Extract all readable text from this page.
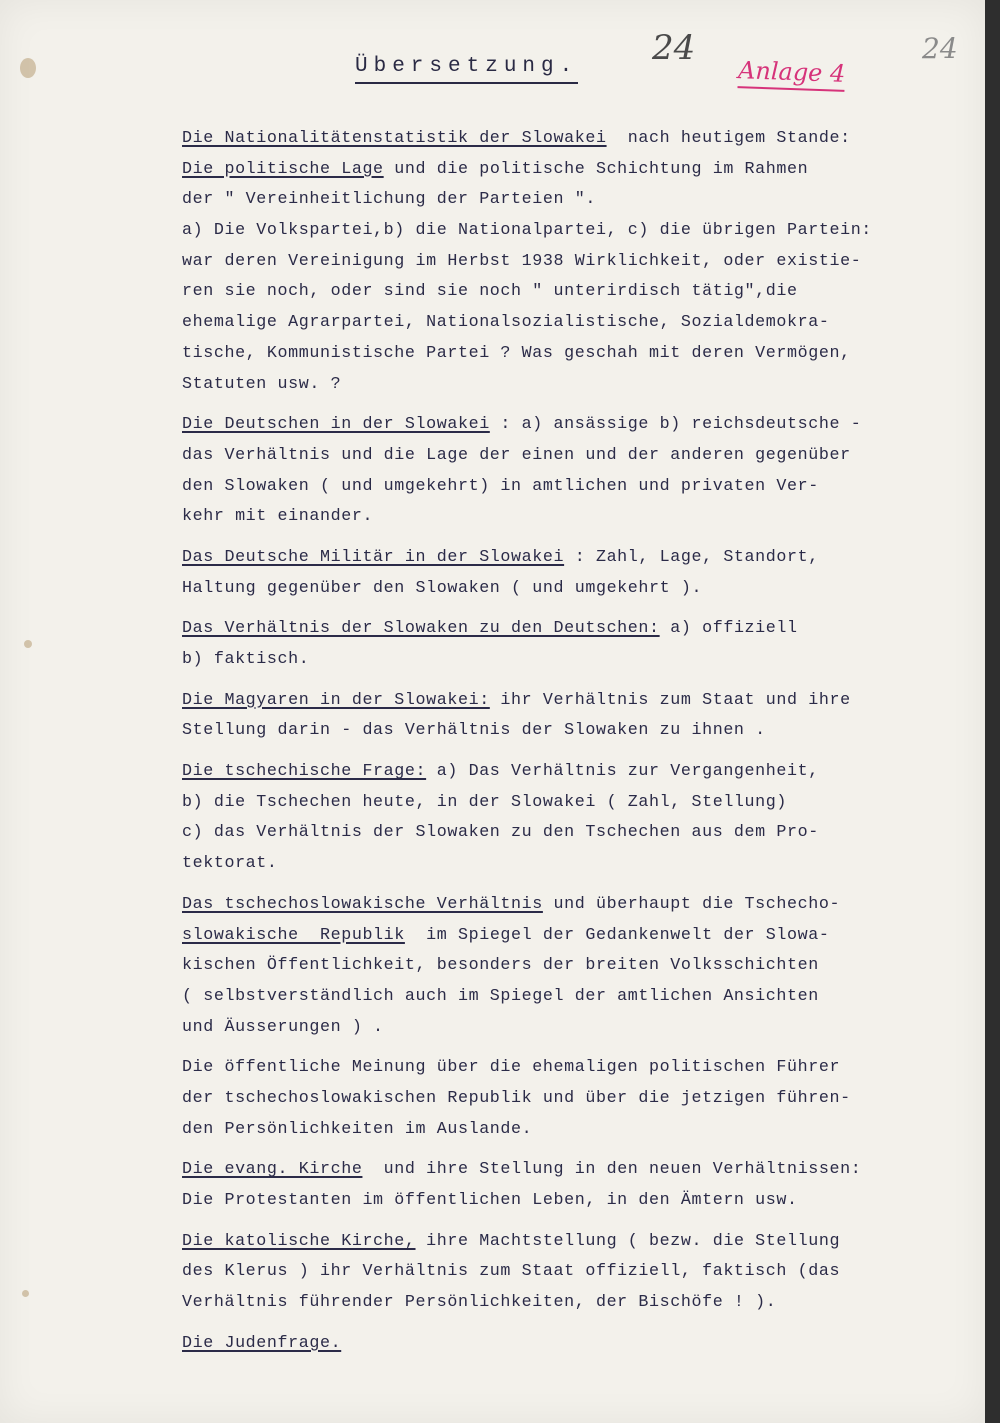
Übersetzung. 24	24
Anlage 4
Die Nationalitätenstatistik der Slowakei  nach heutigem Stande:
Die politische Lage und die politische Schichtung im Rahmen
der " Vereinheitlichung der Parteien ".
a) Die Volkspartei,b) die Nationalpartei, c) die übrigen Partein:
war deren Vereinigung im Herbst 1938 Wirklichkeit, oder existie-
ren sie noch, oder sind sie noch " unterirdisch tätig",die
ehemalige Agrarpartei, Nationalsozialistische, Sozialdemokra-
tische, Kommunistische Partei ? Was geschah mit deren Vermögen,
Statuten usw. ?
Die Deutschen in der Slowakei : a) ansässige b) reichsdeutsche -
das Verhältnis und die Lage der einen und der anderen gegenüber
den Slowaken ( und umgekehrt) in amtlichen und privaten Ver-
kehr mit einander.
Das Deutsche Militär in der Slowakei : Zahl, Lage, Standort,
Haltung gegenüber den Slowaken ( und umgekehrt ).
Das Verhältnis der Slowaken zu den Deutschen: a) offiziell
b) faktisch.
Die Magyaren in der Slowakei: ihr Verhältnis zum Staat und ihre
Stellung darin - das Verhältnis der Slowaken zu ihnen .
Die tschechische Frage: a) Das Verhältnis zur Vergangenheit,
b) die Tschechen heute, in der Slowakei ( Zahl, Stellung)
c) das Verhältnis der Slowaken zu den Tschechen aus dem Pro-
tektorat.
Das tschechoslowakische Verhältnis und überhaupt die Tschecho-
slowakische  Republik  im Spiegel der Gedankenwelt der Slowa-
kischen Öffentlichkeit, besonders der breiten Volksschichten
( selbstverständlich auch im Spiegel der amtlichen Ansichten
und Äusserungen ) .
Die öffentliche Meinung über die ehemaligen politischen Führer
der tschechoslowakischen Republik und über die jetzigen führen-
den Persönlichkeiten im Auslande.
Die evang. Kirche  und ihre Stellung in den neuen Verhältnissen:
Die Protestanten im öffentlichen Leben, in den Ämtern usw.
Die katolische Kirche, ihre Machtstellung ( bezw. die Stellung
des Klerus ) ihr Verhältnis zum Staat offiziell, faktisch (das
Verhältnis führender Persönlichkeiten, der Bischöfe ! ).
Die Judenfrage.
